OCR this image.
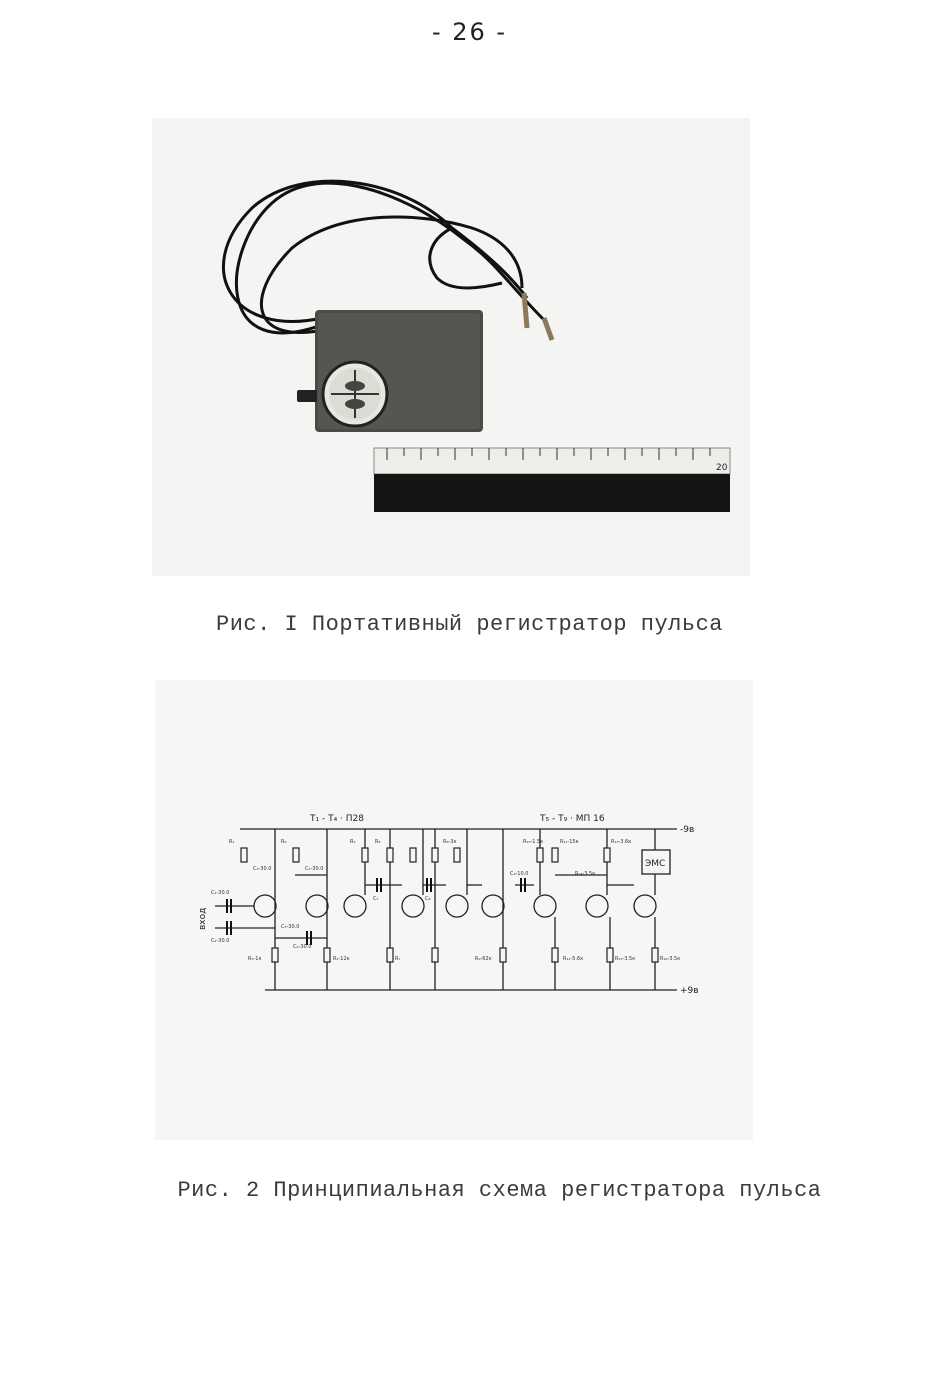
- 26 -
20
Рис. I Портативный регистратор пульса
ЭМС
T₁ - T₄ · П28	T₅ - T₉ · МП 16
-9в
+9в
вход
R₁	R₂
C₁-30.0
C₂-30.0
C₃-30.0	C₄-30.0
C₅-30.0
C₆-30.0
R₃-1к	R₄-12к
R₅	R₆
R₇
C₇	C₈
R₈-3к
R₉-62к
C₉-10.0
R₁₀-1.5к	R₁₁-15к
R₁₂-5.6к
R₁₃-3.6к
R₁₄-3.5к
R₁₅-3.5к	R₁₆-3.5к
Рис. 2 Принципиальная схема регистратора пульса
